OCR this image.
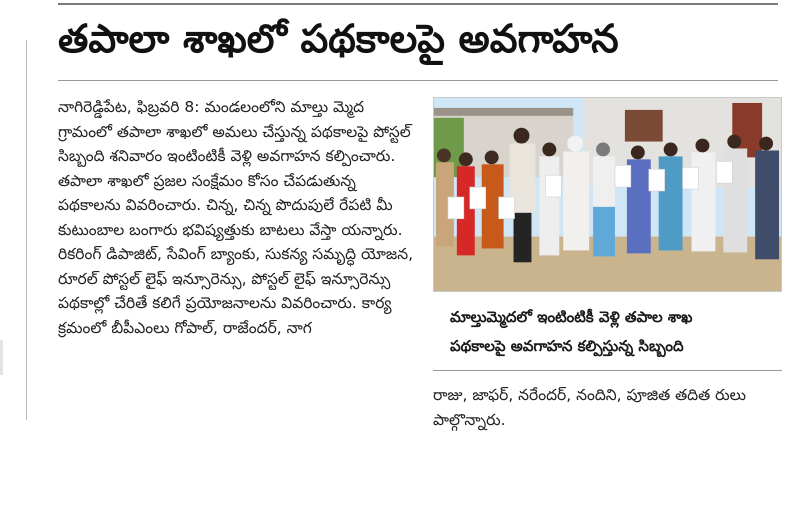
తపాలా శాఖలో పథకాలపై అవగాహన

నాగిరెడ్డిపేట, ఫిబ్రవరి 8: మండలంలోని మాల్తు మ్మెద గ్రామంలో తపాలా శాఖలో అమలు చేస్తున్న పథకాలపై పోస్టల్ సిబ్బంది శనివారం ఇంటింటికీ వెళ్లి అవగాహన కల్పించారు. తపాలా శాఖలో ప్రజల సంక్షేమం కోసం చేపడుతున్న పథకాలను వివరించారు. చిన్న, చిన్న పొదుపులే రేపటి మీ కుటుంబాల బంగారు భవిష్యత్తుకు బాటలు వేస్తా యన్నారు. రికరింగ్ డిపాజిట్, సేవింగ్ బ్యాంకు, సుకన్య సమృద్ధి యోజన, రూరల్ పోస్టల్ లైఫ్ ఇన్సూరెన్సు, పోస్టల్ లైఫ్ ఇన్సూరెన్సు పథకాల్లో చేరితే కలిగే ప్రయోజనాలను వివరించారు. కార్య క్రమంలో బీపీఎంలు గోపాల్, రాజేందర్, నాగ

మాల్తుమ్మెదలో ఇంటింటికీ వెళ్లి తపాల శాఖ
పథకాలపై అవగాహన కల్పిస్తున్న సిబ్బంది

రాజు, జాఫర్, నరేందర్, నందిని, పూజిత తదిత రులు పాల్గొన్నారు.
